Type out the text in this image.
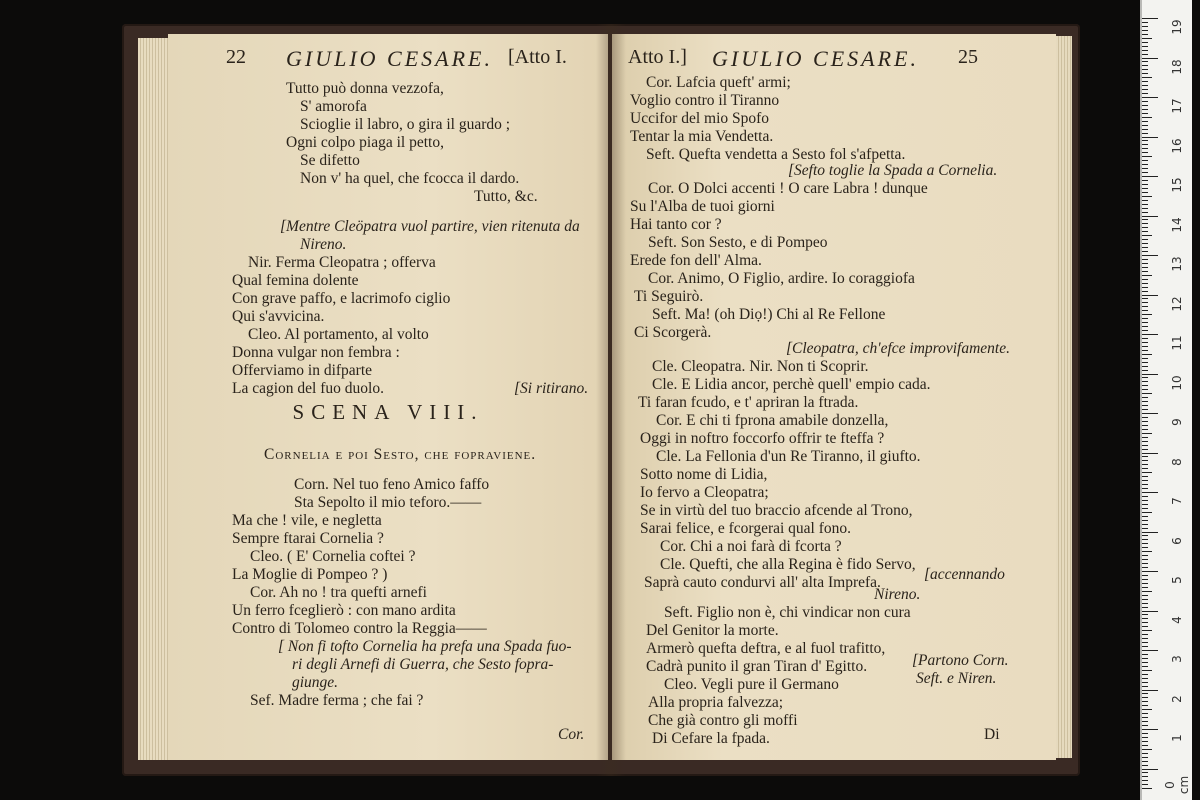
22 GIULIO CESARE. [Atto I.
Tutto può donna vezzofa,
S' amorofa
Scioglie il labro, o gira il guardo ;
Ogni colpo piaga il petto,
Se difetto
Non v' ha quel, che fcocca il dardo.
Tutto, &c.
[Mentre Cleöpatra vuol partire, vien ritenuta da
Nireno.
Nir. Ferma Cleopatra ; offerva
Qual femina dolente
Con grave paffo, e lacrimofo ciglio
Qui s'avvicina.
Cleo. Al portamento, al volto
Donna vulgar non fembra :
Offerviamo in difparte
La cagion del fuo duolo.	[Si ritirano.
Cornelia e poi Sesto, che fopraviene.
Corn. Nel tuo feno Amico faffo
Sta Sepolto il mio teforo.——
Ma che ! vile, e negletta
Sempre ftarai Cornelia ?
Cleo. ( E' Cornelia coftei ?
La Moglie di Pompeo ? )
Cor. Ah no ! tra quefti arnefi
Un ferro fceglierò : con mano ardita
Contro di Tolomeo contro la Reggia——
[ Non fi tofto Cornelia ha prefa una Spada fuo-
ri degli Arnefi di Guerra, che Sesto fopra-
giunge.
Sef. Madre ferma ; che fai ?
Cor.
SCENA VIII.
Atto I.] GIULIO CESARE. 25
Cor. Lafcia queft' armi;
Voglio contro il Tiranno
Uccifor del mio Spofo
Tentar la mia Vendetta.
Seft. Quefta vendetta a Sesto fol s'afpetta.
[Sefto toglie la Spada a Cornelia.
Cor. O Dolci accenti ! O care Labra ! dunque
Su l'Alba de tuoi giorni
Hai tanto cor ?
Seft. Son Sesto, e di Pompeo
Erede fon dell' Alma.
Cor. Animo, O Figlio, ardire. Io coraggiofa
Ti Seguirò.
Seft. Ma! (oh Diọ!) Chi al Re Fellone
Ci Scorgerà.
[Cleopatra, ch'efce improvifamente.
Cle. Cleopatra. Nir. Non ti Scoprir.
Cle. E Lidia ancor, perchè quell' empio cada.
Ti faran fcudo, e t' apriran la ftrada.
Cor. E chi ti fprona amabile donzella,
Oggi in noftro foccorfo offrir te fteffa ?
Cle. La Fellonia d'un Re Tiranno, il giufto.
Sotto nome di Lidia,
Io fervo a Cleopatra;
Se in virtù del tuo braccio afcende al Trono,
Sarai felice, e fcorgerai qual fono.
Cor. Chi a noi farà di fcorta ?
Cle. Quefti, che alla Regina è fido Servo,
Saprà cauto condurvi all' alta Imprefa.	[accennando
Nireno.
Seft. Figlio non è, chi vindicar non cura
Del Genitor la morte.
Armerò quefta deftra, e al fuol trafitto,
Cadrà punito il gran Tiran d' Egitto.	[Partono Corn.
Cleo. Vegli pure il Germano	Seft. e Niren.
Alla propria falvezza;
Che già contro gli moffi
Di Cefare la fpada.	Di
19
18
17
16
15
14
13
12
11
10
9
8
7
6
5
4
3
2
1
0 cm
